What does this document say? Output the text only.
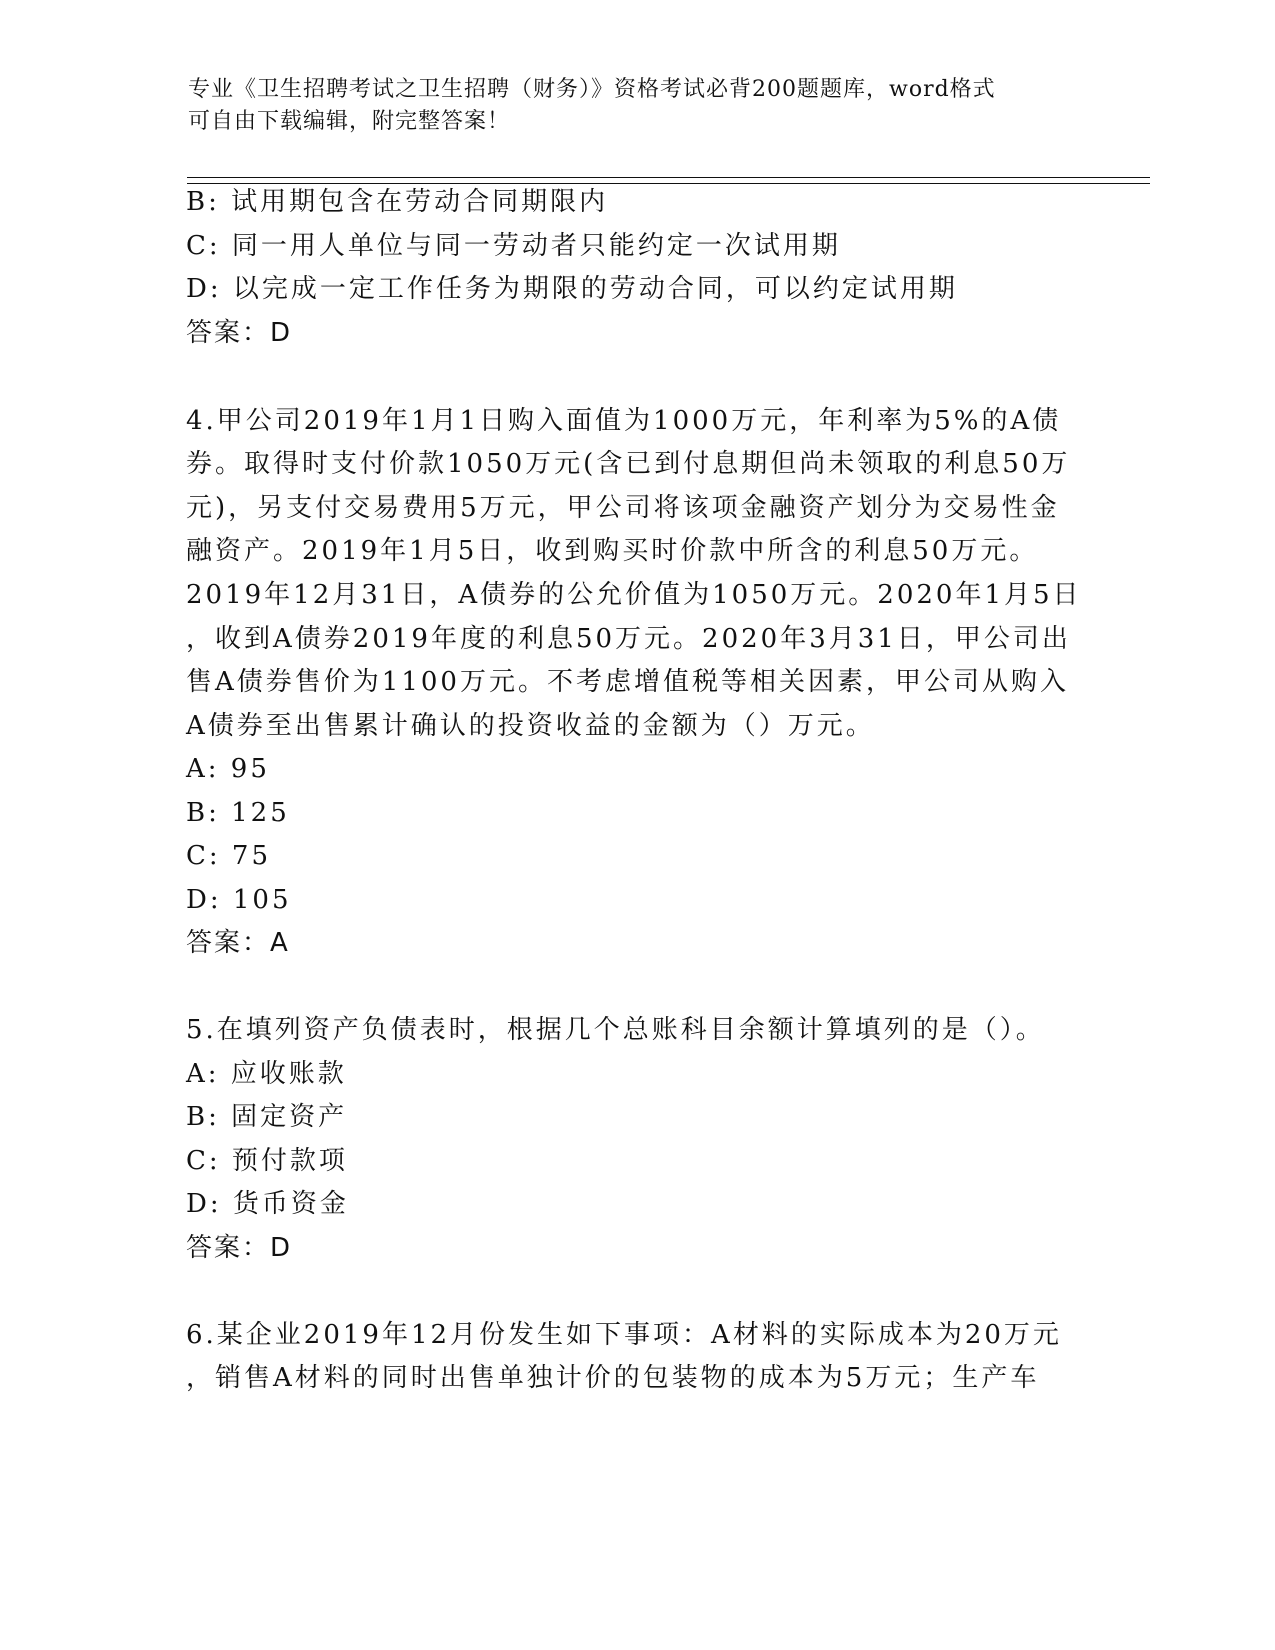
专业《卫生招聘考试之卫生招聘（财务）》资格考试必背200题题库，word格式
可自由下载编辑，附完整答案！
B: 试用期包含在劳动合同期限内
C: 同一用人单位与同一劳动者只能约定一次试用期
D: 以完成一定工作任务为期限的劳动合同，可以约定试用期
答案：D
4.甲公司2019年1月1日购入面值为1000万元，年利率为5%的A债
券。取得时支付价款1050万元(含已到付息期但尚未领取的利息50万
元)，另支付交易费用5万元，甲公司将该项金融资产划分为交易性金
融资产。2019年1月5日，收到购买时价款中所含的利息50万元。
2019年12月31日，A债券的公允价值为1050万元。2020年1月5日
，收到A债券2019年度的利息50万元。2020年3月31日，甲公司出
售A债券售价为1100万元。不考虑增值税等相关因素，甲公司从购入
A债券至出售累计确认的投资收益的金额为（）万元。
A: 95
B: 125
C: 75
D: 105
答案：A
5.在填列资产负债表时，根据几个总账科目余额计算填列的是（）。
A: 应收账款
B: 固定资产
C: 预付款项
D: 货币资金
答案：D
6.某企业2019年12月份发生如下事项：A材料的实际成本为20万元
，销售A材料的同时出售单独计价的包装物的成本为5万元；生产车
